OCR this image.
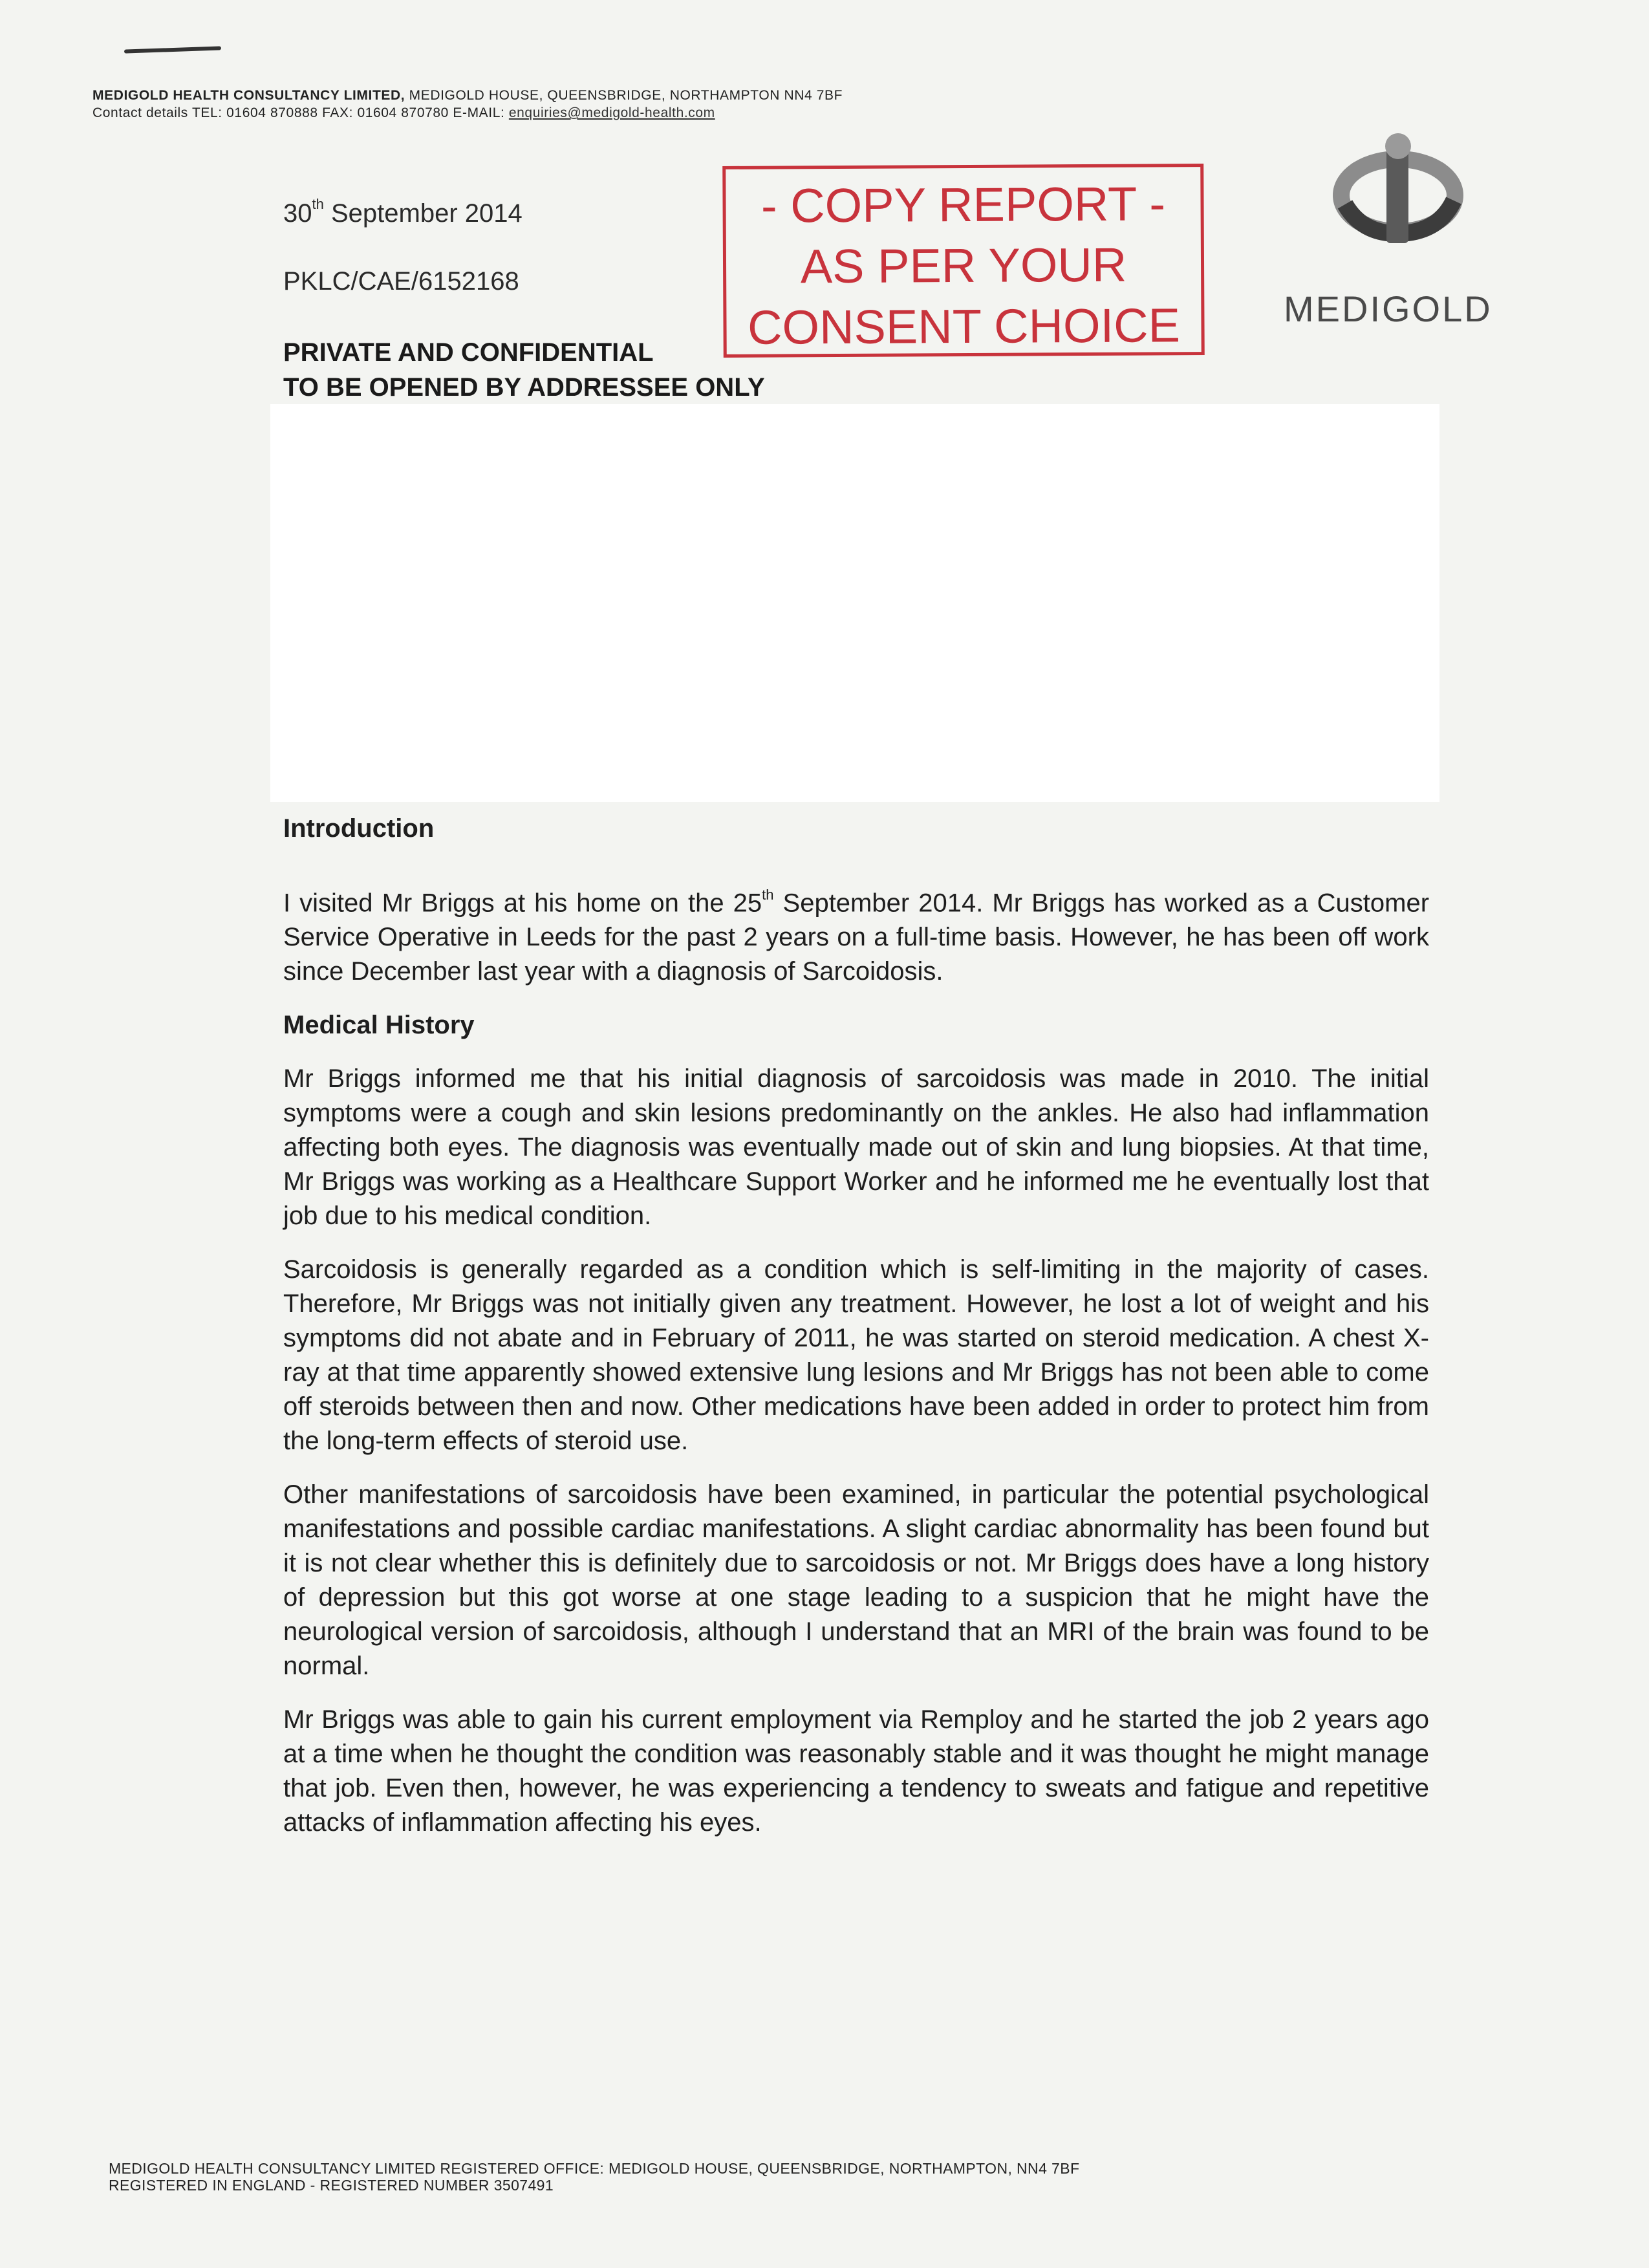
MEDIGOLD HEALTH CONSULTANCY LIMITED, MEDIGOLD HOUSE, QUEENSBRIDGE, NORTHAMPTON NN4 7BF
Contact details TEL: 01604 870888 FAX: 01604 870780 E-MAIL: enquiries@medigold-health.com
30th September 2014
PKLC/CAE/6152168
- COPY REPORT -
AS PER YOUR
CONSENT CHOICE	MEDIGOLD
PRIVATE AND CONFIDENTIAL
TO BE OPENED BY ADDRESSEE ONLY
Introduction

I visited Mr Briggs at his home on the 25th September 2014. Mr Briggs has worked as a Customer Service Operative in Leeds for the past 2 years on a full-time basis. However, he has been off work since December last year with a diagnosis of Sarcoidosis.

Medical History

Mr Briggs informed me that his initial diagnosis of sarcoidosis was made in 2010. The initial symptoms were a cough and skin lesions predominantly on the ankles. He also had inflammation affecting both eyes. The diagnosis was eventually made out of skin and lung biopsies. At that time, Mr Briggs was working as a Healthcare Support Worker and he informed me he eventually lost that job due to his medical condition.

Sarcoidosis is generally regarded as a condition which is self-limiting in the majority of cases. Therefore, Mr Briggs was not initially given any treatment. However, he lost a lot of weight and his symptoms did not abate and in February of 2011, he was started on steroid medication. A chest X-ray at that time apparently showed extensive lung lesions and Mr Briggs has not been able to come off steroids between then and now. Other medications have been added in order to protect him from the long-term effects of steroid use.

Other manifestations of sarcoidosis have been examined, in particular the potential psychological manifestations and possible cardiac manifestations. A slight cardiac abnormality has been found but it is not clear whether this is definitely due to sarcoidosis or not. Mr Briggs does have a long history of depression but this got worse at one stage leading to a suspicion that he might have the neurological version of sarcoidosis, although I understand that an MRI of the brain was found to be normal.

Mr Briggs was able to gain his current employment via Remploy and he started the job 2 years ago at a time when he thought the condition was reasonably stable and it was thought he might manage that job. Even then, however, he was experiencing a tendency to sweats and fatigue and repetitive attacks of inflammation affecting his eyes.

MEDIGOLD HEALTH CONSULTANCY LIMITED REGISTERED OFFICE: MEDIGOLD HOUSE, QUEENSBRIDGE, NORTHAMPTON, NN4 7BF
REGISTERED IN ENGLAND - REGISTERED NUMBER 3507491
